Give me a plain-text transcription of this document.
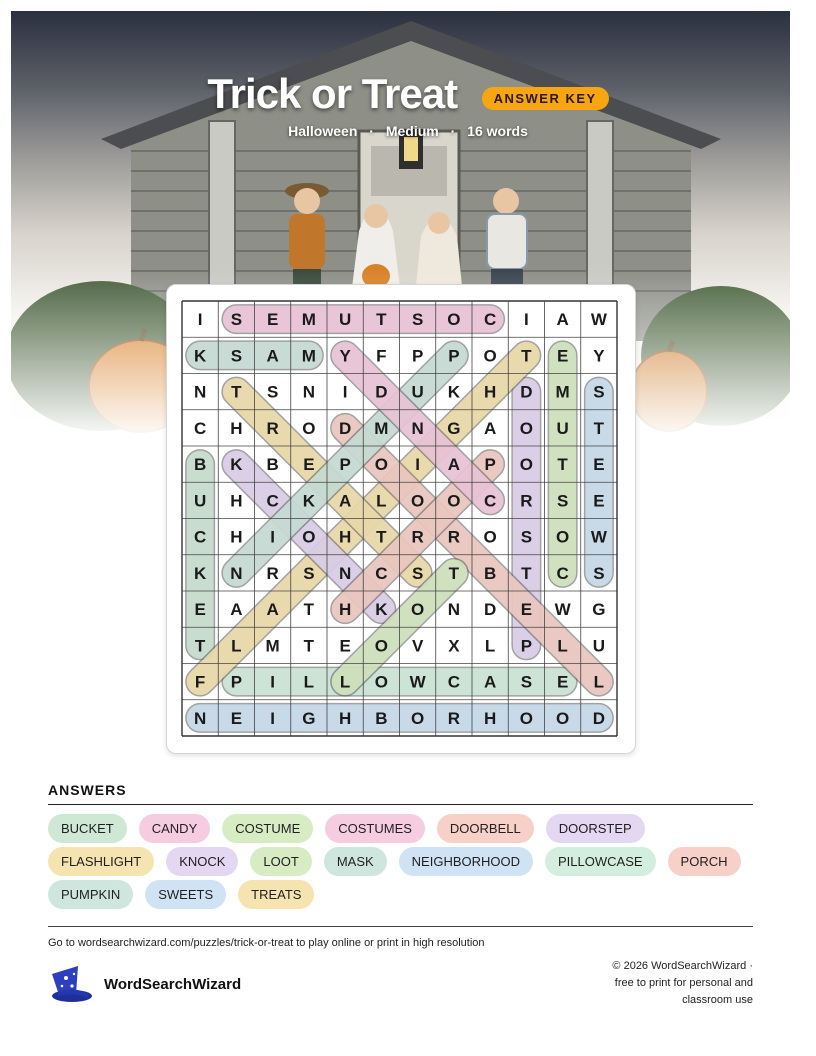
Trick or Treat	ANSWER KEY
Halloween · Medium · 16 words
I S E M U T S O C I A W
K S A M Y F P P O T E Y
N T S N I D U K H D M S
C H R O D M N G A O U T
B K B E P O I A P O T E
U H C K A L O O C R S E
C H I O H T R R O S O W
K N R S N C S T B T C S
E A A T H K O N D E W G
T L M T E O V X L P L U
F P I L L O W C A S E L
N E I G H B O R H O O D
ANSWERS
BUCKET	CANDY	COSTUME	COSTUMES	DOORBELL	DOORSTEP
FLASHLIGHT	KNOCK	LOOT	MASK	NEIGHBORHOOD	PILLOWCASE	PORCH
PUMPKIN	SWEETS	TREATS
Go to wordsearchwizard.com/puzzles/trick-or-treat to play online or print in high resolution
WordSearchWizard
© 2026 WordSearchWizard ·
free to print for personal and
classroom use
